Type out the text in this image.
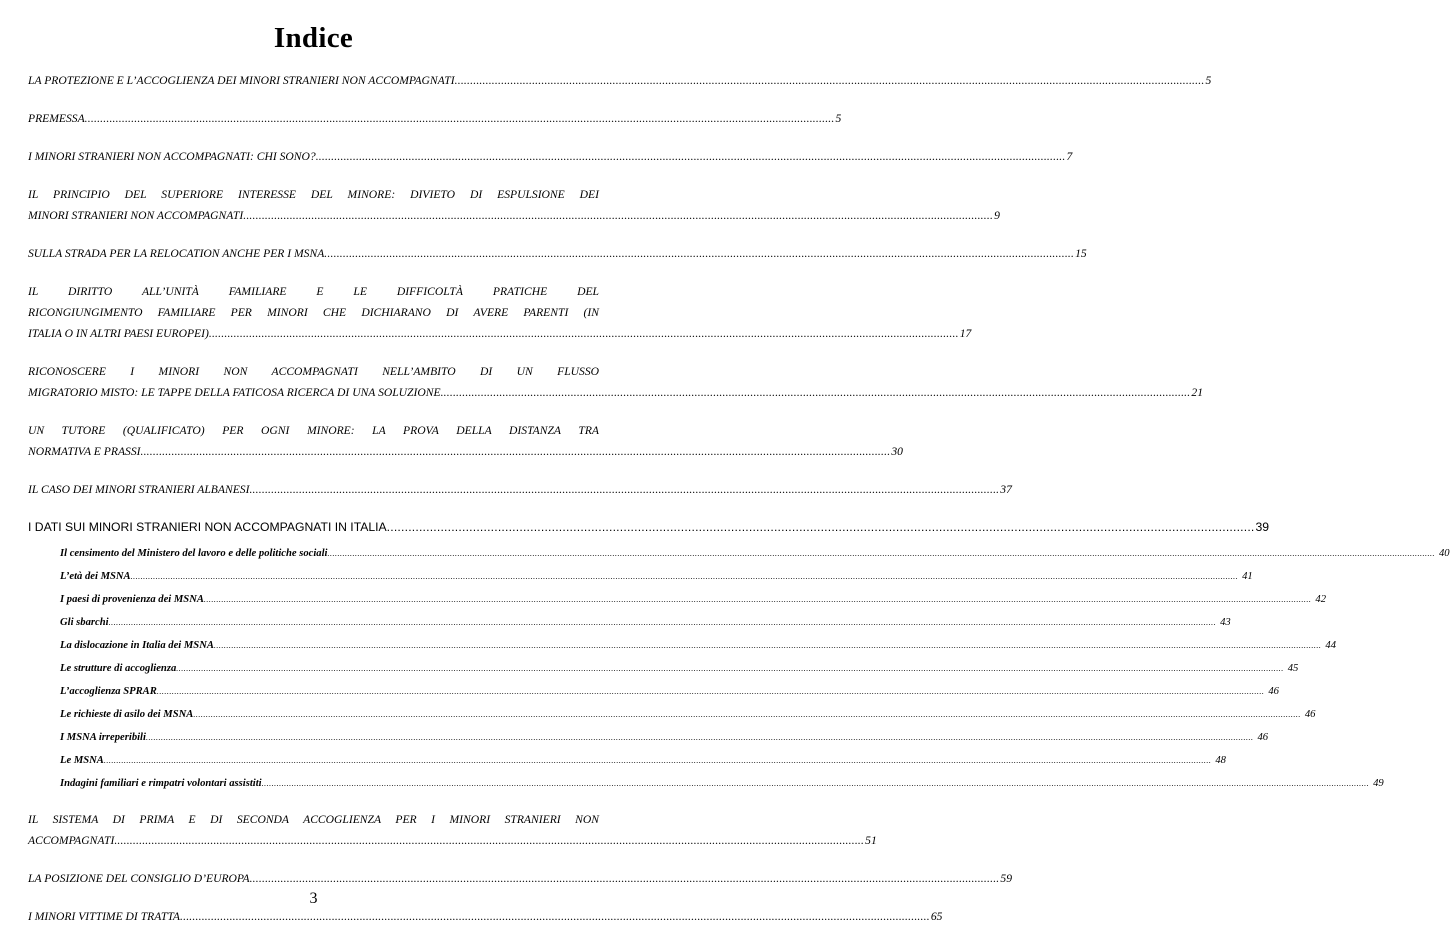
Indice
LA PROTEZIONE E L’ACCOGLIENZA DEI MINORI STRANIERI NON ACCOMPAGNATI .....	5
PREMESSA .....	5
I MINORI STRANIERI NON ACCOMPAGNATI: CHI SONO? .....	7
IL PRINCIPIO DEL SUPERIORE INTERESSE DEL MINORE: DIVIETO DI ESPULSIONE DEI
MINORI STRANIERI NON ACCOMPAGNATI .....	9
SULLA STRADA PER LA RELOCATION ANCHE PER I MSNA .....	15
IL DIRITTO ALL’UNITÀ FAMILIARE E LE DIFFICOLTÀ PRATICHE DEL
RICONGIUNGIMENTO FAMILIARE PER MINORI CHE DICHIARANO DI AVERE PARENTI (IN
ITALIA O IN ALTRI PAESI EUROPEI) .....	17
RICONOSCERE I MINORI NON ACCOMPAGNATI NELL’AMBITO DI UN FLUSSO
MIGRATORIO MISTO: LE TAPPE DELLA FATICOSA RICERCA DI UNA SOLUZIONE .....	21
UN TUTORE (QUALIFICATO) PER OGNI MINORE: LA PROVA DELLA DISTANZA TRA
NORMATIVA E PRASSI .....	30
IL CASO DEI MINORI STRANIERI ALBANESI .....	37
I DATI SUI MINORI STRANIERI NON ACCOMPAGNATI IN ITALIA .....	39
Il censimento del Ministero del lavoro e delle politiche sociali .....	40
L’età dei MSNA .....	41
I paesi di provenienza dei MSNA .....	42
Gli sbarchi .....	43
La dislocazione in Italia dei MSNA .....	44
Le strutture di accoglienza .....	45
L’accoglienza SPRAR .....	46
Le richieste di asilo dei MSNA .....	46
I MSNA irreperibili .....	46
Le MSNA .....	48
Indagini familiari e rimpatri volontari assistiti .....	49
IL SISTEMA DI PRIMA E DI SECONDA ACCOGLIENZA PER I MINORI STRANIERI NON
ACCOMPAGNATI .....	51
LA POSIZIONE DEL CONSIGLIO D’EUROPA .....	59
I MINORI VITTIME DI TRATTA .....	65
3
